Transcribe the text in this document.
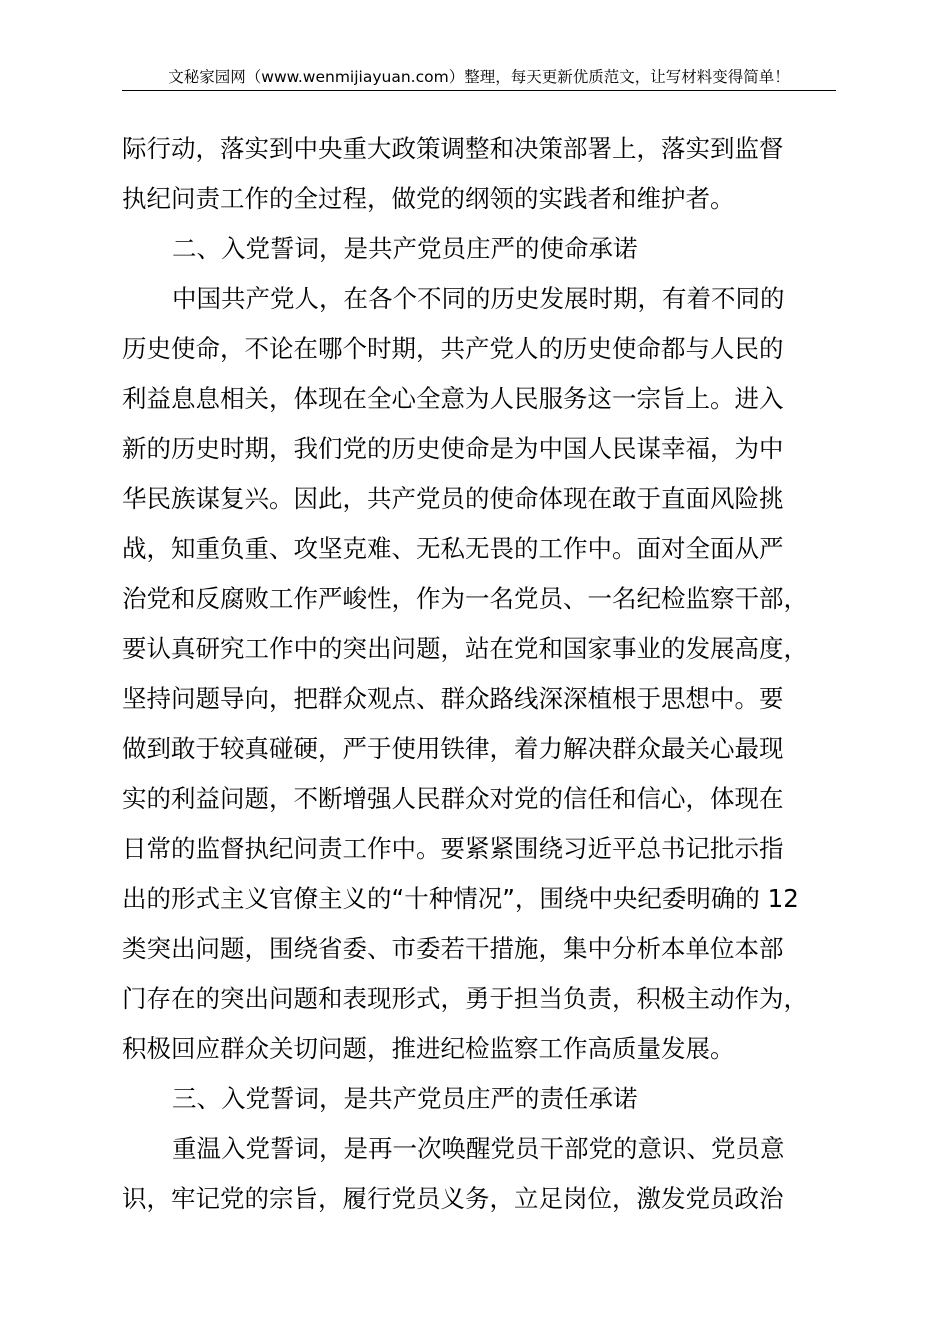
文秘家园网（www.wenmijiayuan.com）整理，每天更新优质范文，让写材料变得简单！

际行动，落实到中央重大政策调整和决策部署上，落实到监督

执纪问责工作的全过程，做党的纲领的实践者和维护者。

二、入党誓词，是共产党员庄严的使命承诺

中国共产党人，在各个不同的历史发展时期，有着不同的

历史使命，不论在哪个时期，共产党人的历史使命都与人民的

利益息息相关，体现在全心全意为人民服务这一宗旨上。进入

新的历史时期，我们党的历史使命是为中国人民谋幸福，为中

华民族谋复兴。因此，共产党员的使命体现在敢于直面风险挑

战，知重负重、攻坚克难、无私无畏的工作中。面对全面从严

治党和反腐败工作严峻性，作为一名党员、一名纪检监察干部，

要认真研究工作中的突出问题，站在党和国家事业的发展高度，

坚持问题导向，把群众观点、群众路线深深植根于思想中。要

做到敢于较真碰硬，严于使用铁律，着力解决群众最关心最现

实的利益问题，不断增强人民群众对党的信任和信心，体现在

日常的监督执纪问责工作中。要紧紧围绕习近平总书记批示指

出的形式主义官僚主义的“十种情况”，围绕中央纪委明确的 12

类突出问题，围绕省委、市委若干措施，集中分析本单位本部

门存在的突出问题和表现形式，勇于担当负责，积极主动作为，

积极回应群众关切问题，推进纪检监察工作高质量发展。

三、入党誓词，是共产党员庄严的责任承诺

重温入党誓词，是再一次唤醒党员干部党的意识、党员意

识，牢记党的宗旨，履行党员义务，立足岗位，激发党员政治
